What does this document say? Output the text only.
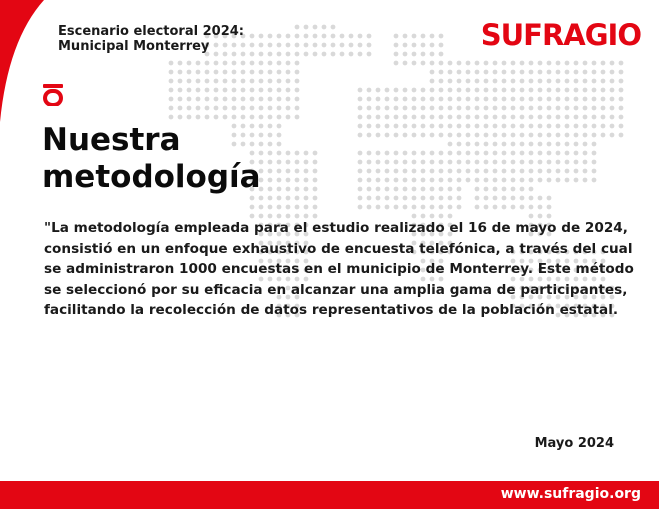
Escenario electoral 2024:
Municipal Monterrey	SUFRAGIO
Nuestra
metodología

"La metodología empleada para el estudio realizado el 16 de mayo de 2024, consistió en un enfoque exhaustivo de encuesta telefónica, a través del cual se administraron 1000 encuestas en el municipio de Monterrey. Este método se seleccionó por su eficacia en alcanzar una amplia gama de participantes, facilitando la recolección de datos representativos de la población estatal.

Mayo 2024
www.sufragio.org
